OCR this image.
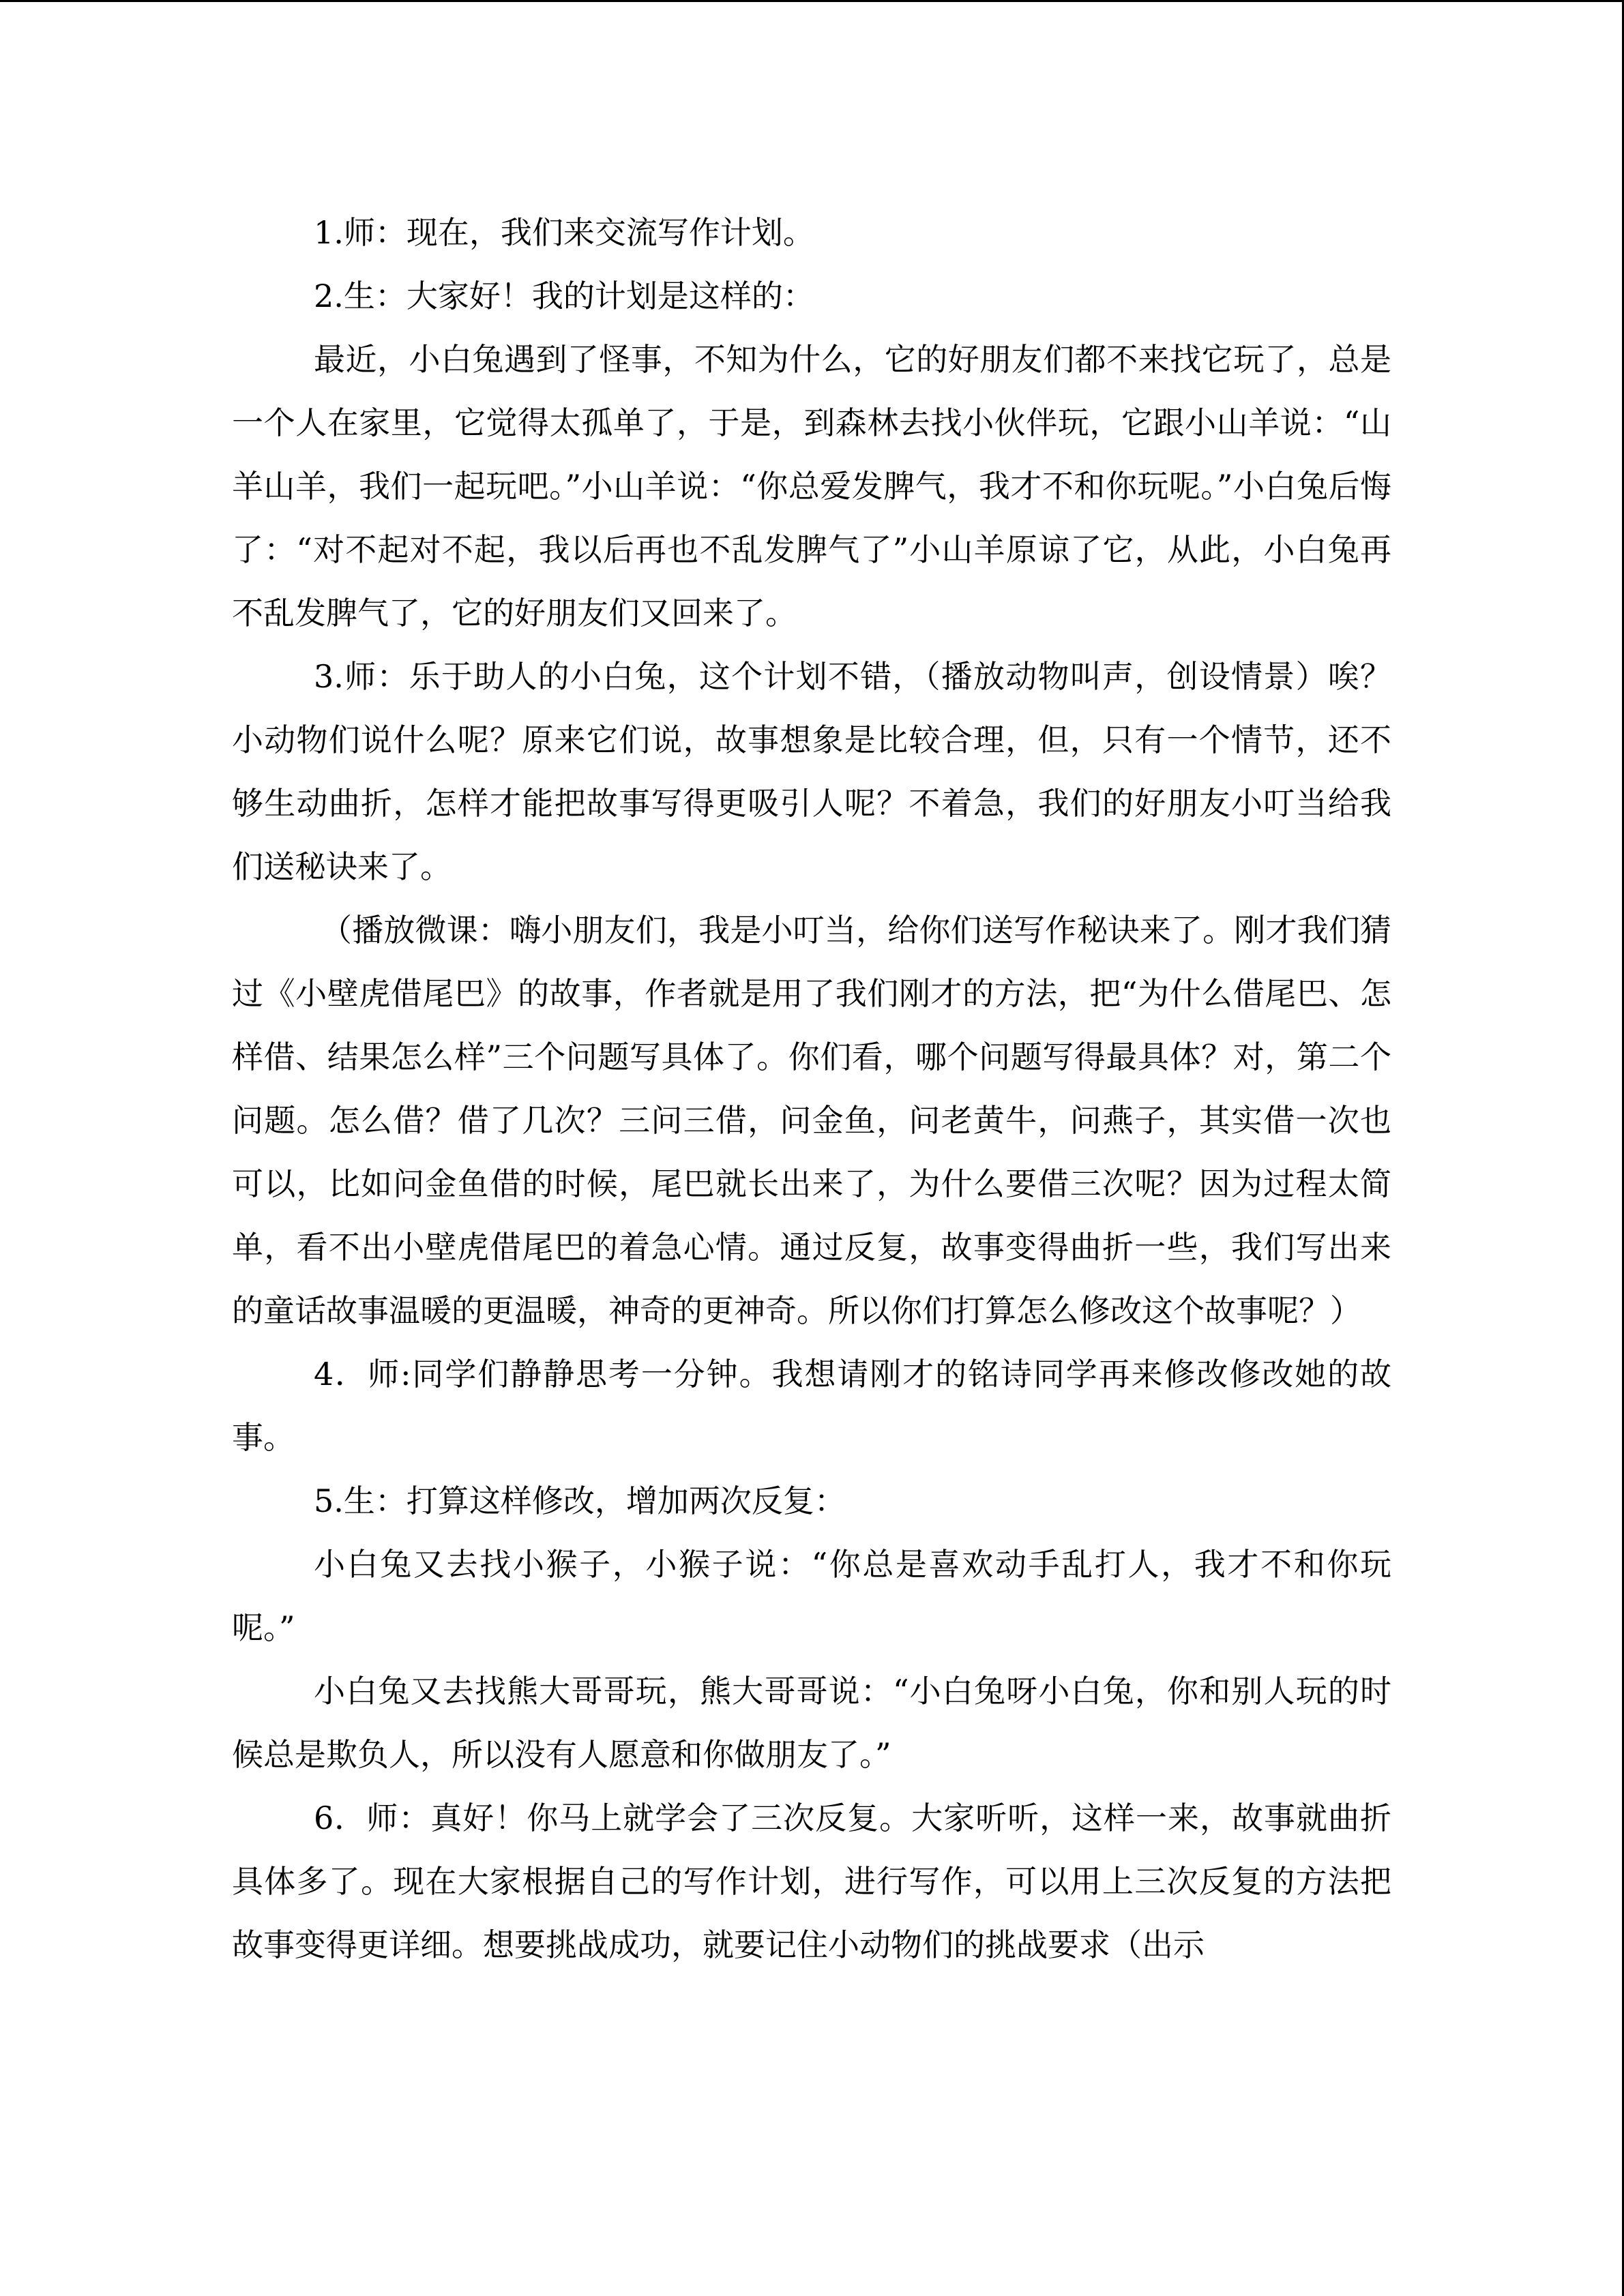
1.师：现在，我们来交流写作计划。

2.生：大家好！我的计划是这样的：

最近，小白兔遇到了怪事，不知为什么，它的好朋友们都不来找它玩了，总是一个人在家里，它觉得太孤单了，于是，到森林去找小伙伴玩，它跟小山羊说：“山羊山羊，我们一起玩吧。”小山羊说：“你总爱发脾气，我才不和你玩呢。”小白兔后悔了：“对不起对不起，我以后再也不乱发脾气了”小山羊原谅了它，从此，小白兔再不乱发脾气了，它的好朋友们又回来了。

3.师：乐于助人的小白兔，这个计划不错，（播放动物叫声，创设情景）唉？小动物们说什么呢？原来它们说，故事想象是比较合理，但，只有一个情节，还不够生动曲折，怎样才能把故事写得更吸引人呢？不着急，我们的好朋友小叮当给我们送秘诀来了。

（播放微课：嗨小朋友们，我是小叮当，给你们送写作秘诀来了。刚才我们猜过《小壁虎借尾巴》的故事，作者就是用了我们刚才的方法，把“为什么借尾巴、怎样借、结果怎么样”三个问题写具体了。你们看，哪个问题写得最具体？对，第二个问题。怎么借？借了几次？三问三借，问金鱼，问老黄牛，问燕子，其实借一次也可以，比如问金鱼借的时候，尾巴就长出来了，为什么要借三次呢？因为过程太简单，看不出小壁虎借尾巴的着急心情。通过反复，故事变得曲折一些，我们写出来的童话故事温暖的更温暖，神奇的更神奇。所以你们打算怎么修改这个故事呢？）

4．师:同学们静静思考一分钟。我想请刚才的铭诗同学再来修改修改她的故事。

5.生：打算这样修改，增加两次反复：

小白兔又去找小猴子，小猴子说：“你总是喜欢动手乱打人，我才不和你玩呢。”

小白兔又去找熊大哥哥玩，熊大哥哥说：“小白兔呀小白兔，你和别人玩的时候总是欺负人，所以没有人愿意和你做朋友了。”

6．师：真好！你马上就学会了三次反复。大家听听，这样一来，故事就曲折具体多了。现在大家根据自己的写作计划，进行写作，可以用上三次反复的方法把故事变得更详细。想要挑战成功，就要记住小动物们的挑战要求（出示
